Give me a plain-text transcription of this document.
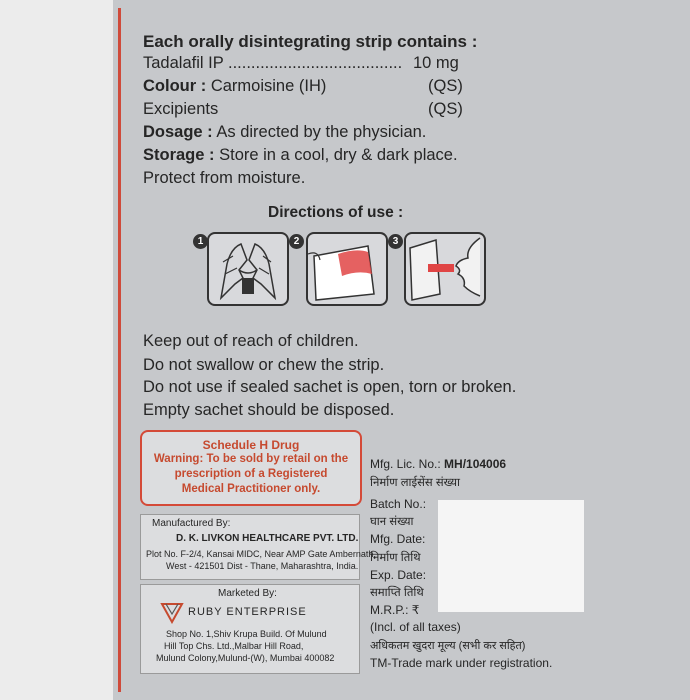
Each orally disintegrating strip contains :
Tadalafil IP ...................................... 10 mg
Colour : Carmoisine (IH)	(QS)
Excipients	(QS)
Dosage : As directed by the physician.
Storage : Store in a cool, dry & dark place.
Protect from moisture.
Directions of use :
1	2	3
Keep out of reach of children.
Do not swallow or chew the strip.
Do not use if sealed sachet is open, torn or broken.
Empty sachet should be disposed.
Schedule H Drug
Warning: To be sold by retail on the
prescription of a Registered
Medical Practitioner only.
Manufactured By:
D. K. LIVKON HEALTHCARE PVT. LTD.
Plot No. F-2/4, Kansai MIDC, Near AMP Gate Ambernath,
West - 421501 Dist - Thane, Maharashtra, India.
Marketed By:
RUBY ENTERPRISE
Shop No. 1,Shiv Krupa Build. Of Mulund
Hill Top Chs. Ltd.,Malbar Hill Road,
Mulund Colony,Mulund-(W), Mumbai 400082
Mfg. Lic. No.: MH/104006
निर्माण लाईसेंस संख्या
Batch No.:
घान संख्या
Mfg. Date:
निर्माण तिथि
Exp. Date:
समाप्ति तिथि
M.R.P.: ₹
(Incl. of all taxes)
अधिकतम खुदरा मूल्य (सभी कर सहित)
TM-Trade mark under registration.
